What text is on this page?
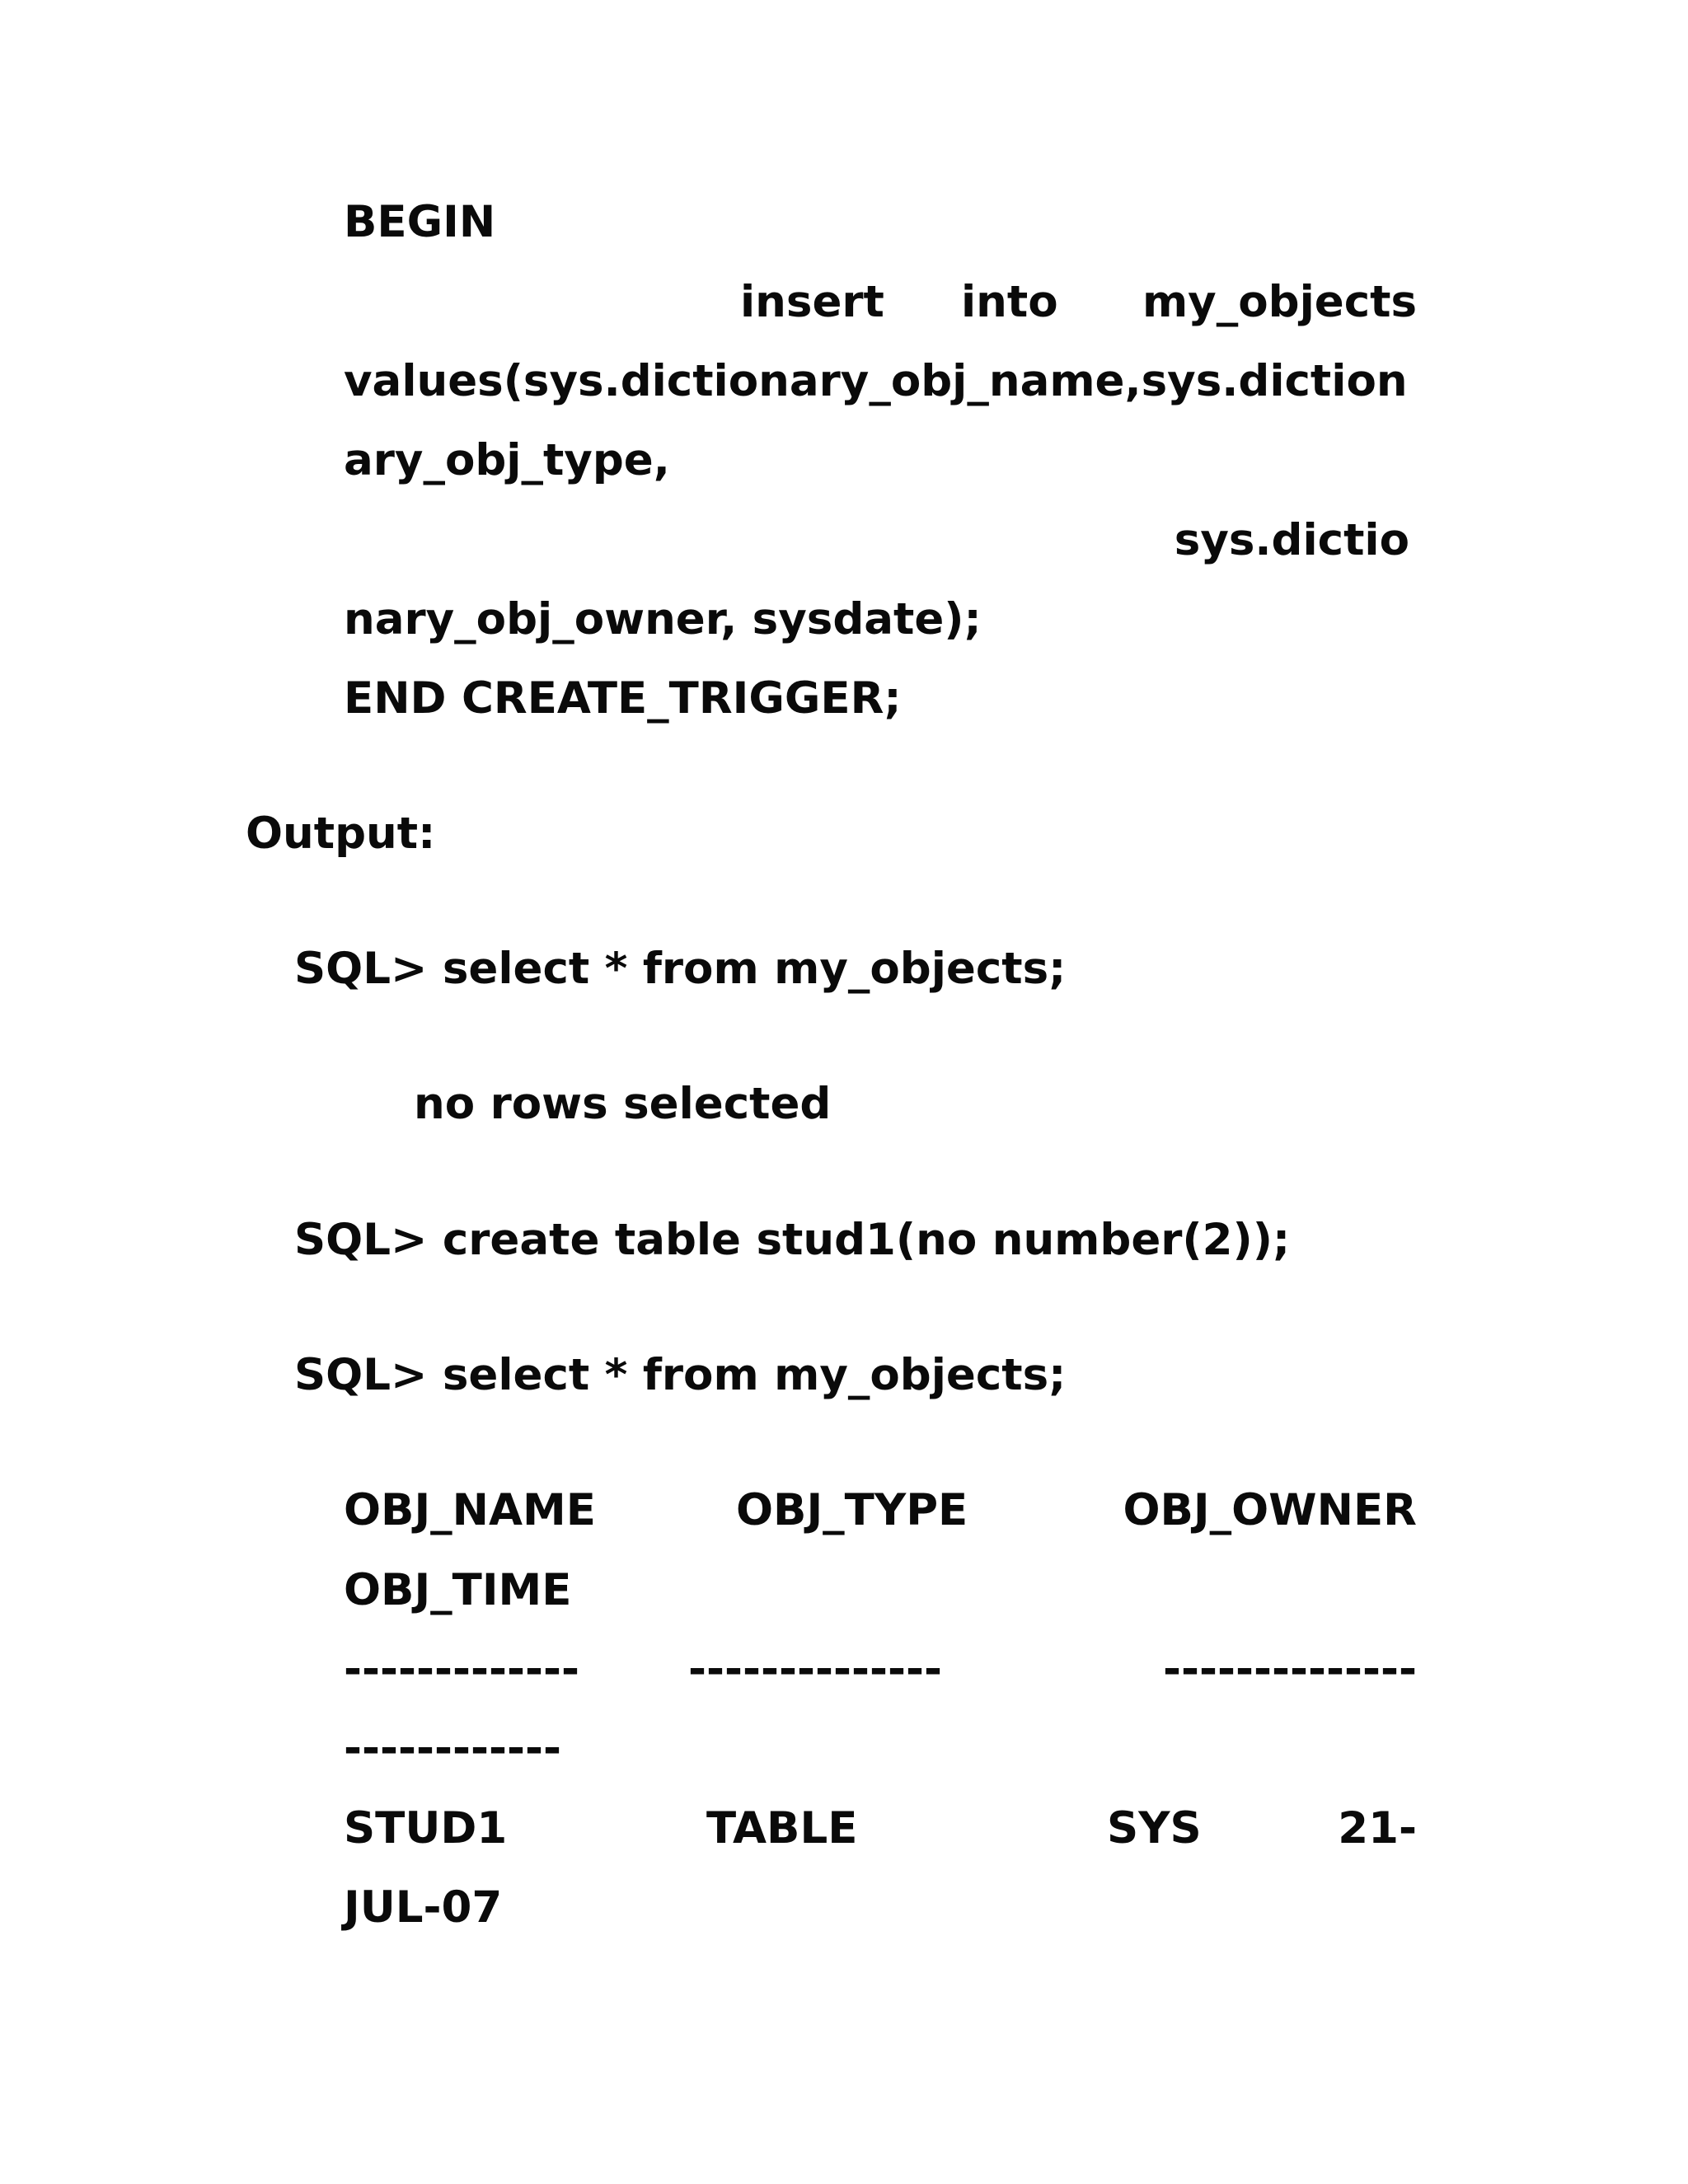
BEGIN
insert into my_objects
values(sys.dictionary_obj_name,sys.diction
ary_obj_type,
sys.dictio
nary_obj_owner, sysdate);
END CREATE_TRIGGER;
Output:
SQL> select * from my_objects;
no rows selected
SQL> create table stud1(no number(2));
SQL> select * from my_objects;
OBJ_NAME	OBJ_TYPE	OBJ_OWNER
OBJ_TIME
------------- --------------	--------------
------------
STUD1	TABLE	SYS	21-
JUL-07
